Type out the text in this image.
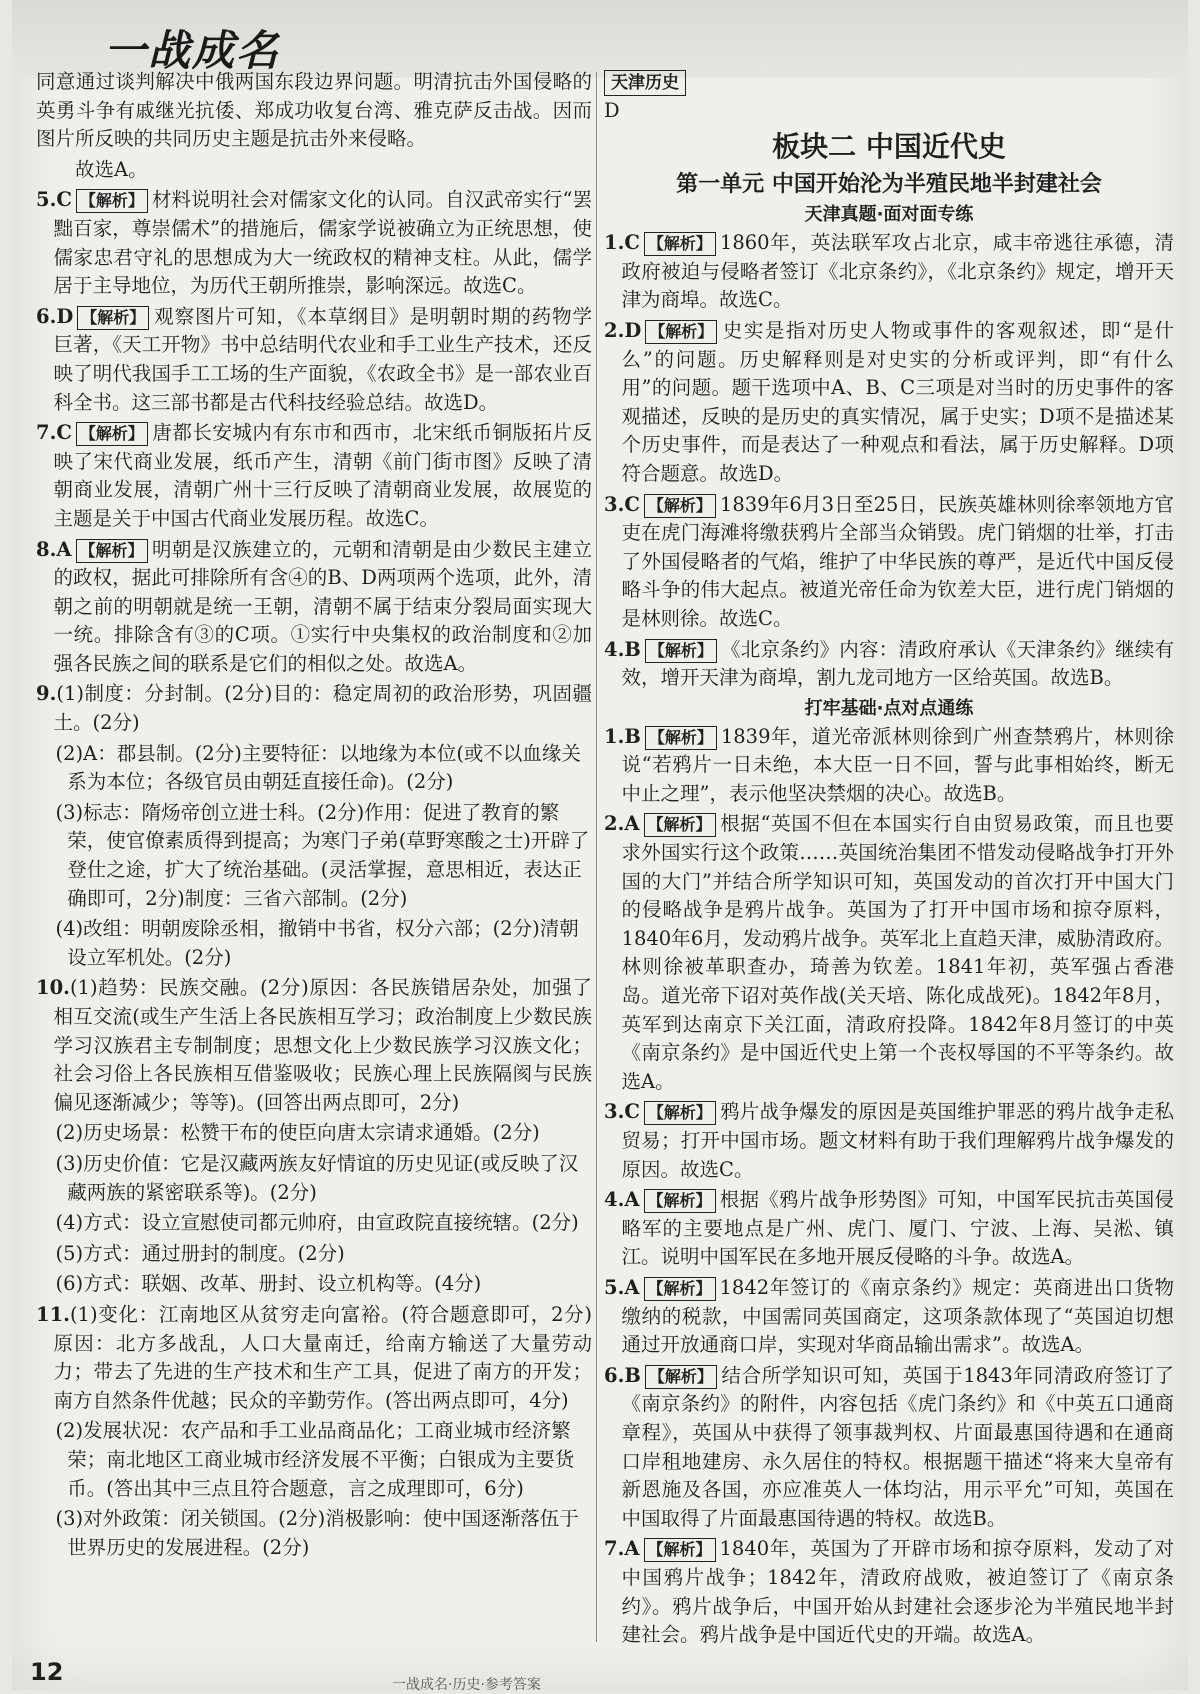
一战成名
同意通过谈判解决中俄两国东段边界问题。明清抗击外国侵略的英勇斗争有戚继光抗倭、郑成功收复台湾、雅克萨反击战。因而图片所反映的共同历史主题是抗击外来侵略。
故选A。
5.C 【解析】 材料说明社会对儒家文化的认同。自汉武帝实行“罢黜百家，尊崇儒术”的措施后，儒家学说被确立为正统思想，使儒家忠君守礼的思想成为大一统政权的精神支柱。从此，儒学居于主导地位，为历代王朝所推崇，影响深远。故选C。
6.D 【解析】 观察图片可知，《本草纲目》是明朝时期的药物学巨著，《天工开物》书中总结明代农业和手工业生产技术，还反映了明代我国手工工场的生产面貌，《农政全书》是一部农业百科全书。这三部书都是古代科技经验总结。故选D。
7.C 【解析】 唐都长安城内有东市和西市，北宋纸币铜版拓片反映了宋代商业发展，纸币产生，清朝《前门街市图》反映了清朝商业发展，清朝广州十三行反映了清朝商业发展，故展览的主题是关于中国古代商业发展历程。故选C。
8.A 【解析】 明朝是汉族建立的，元朝和清朝是由少数民主建立的政权，据此可排除所有含④的B、D两项两个选项，此外，清朝之前的明朝就是统一王朝，清朝不属于结束分裂局面实现大一统。排除含有③的C项。①实行中央集权的政治制度和②加强各民族之间的联系是它们的相似之处。故选A。
9.(1)制度：分封制。(2分)目的：稳定周初的政治形势，巩固疆土。(2分)
(2)A：郡县制。(2分)主要特征：以地缘为本位(或不以血缘关系为本位；各级官员由朝廷直接任命)。(2分)
(3)标志：隋炀帝创立进士科。(2分)作用：促进了教育的繁荣，使官僚素质得到提高；为寒门子弟(草野寒酸之士)开辟了登仕之途，扩大了统治基础。(灵活掌握，意思相近，表达正确即可，2分)制度：三省六部制。(2分)
(4)改组：明朝废除丞相，撤销中书省，权分六部；(2分)清朝设立军机处。(2分)
10.(1)趋势：民族交融。(2分)原因：各民族错居杂处，加强了相互交流(或生产生活上各民族相互学习；政治制度上少数民族学习汉族君主专制制度；思想文化上少数民族学习汉族文化；社会习俗上各民族相互借鉴吸收；民族心理上民族隔阂与民族偏见逐渐减少；等等)。(回答出两点即可，2分)
(2)历史场景：松赞干布的使臣向唐太宗请求通婚。(2分)
(3)历史价值：它是汉藏两族友好情谊的历史见证(或反映了汉藏两族的紧密联系等)。(2分)
(4)方式：设立宣慰使司都元帅府，由宣政院直接统辖。(2分)
(5)方式：通过册封的制度。(2分)
(6)方式：联姻、改革、册封、设立机构等。(4分)
11.(1)变化：江南地区从贫穷走向富裕。(符合题意即可，2分)原因：北方多战乱，人口大量南迁，给南方输送了大量劳动力；带去了先进的生产技术和生产工具，促进了南方的开发；南方自然条件优越；民众的辛勤劳作。(答出两点即可，4分)
(2)发展状况：农产品和手工业品商品化；工商业城市经济繁荣；南北地区工商业城市经济发展不平衡；白银成为主要货币。(答出其中三点且符合题意，言之成理即可，6分)
(3)对外政策：闭关锁国。(2分)消极影响：使中国逐渐落伍于世界历史的发展进程。(2分)
天津历史
D
板块二 中国近代史
第一单元 中国开始沦为半殖民地半封建社会
天津真题·面对面专练
1.C 【解析】 1860年，英法联军攻占北京，咸丰帝逃往承德，清政府被迫与侵略者签订《北京条约》，《北京条约》规定，增开天津为商埠。故选C。
2.D 【解析】 史实是指对历史人物或事件的客观叙述，即“是什么”的问题。历史解释则是对史实的分析或评判，即“有什么用”的问题。题干选项中A、B、C三项是对当时的历史事件的客观描述，反映的是历史的真实情况，属于史实；D项不是描述某个历史事件，而是表达了一种观点和看法，属于历史解释。D项符合题意。故选D。
3.C 【解析】 1839年6月3日至25日，民族英雄林则徐率领地方官吏在虎门海滩将缴获鸦片全部当众销毁。虎门销烟的壮举，打击了外国侵略者的气焰，维护了中华民族的尊严，是近代中国反侵略斗争的伟大起点。被道光帝任命为钦差大臣，进行虎门销烟的是林则徐。故选C。
4.B 【解析】 《北京条约》内容：清政府承认《天津条约》继续有效，增开天津为商埠，割九龙司地方一区给英国。故选B。
打牢基础·点对点通练
1.B 【解析】 1839年，道光帝派林则徐到广州查禁鸦片，林则徐说“若鸦片一日未绝，本大臣一日不回，誓与此事相始终，断无中止之理”，表示他坚决禁烟的决心。故选B。
2.A 【解析】 根据“英国不但在本国实行自由贸易政策，而且也要求外国实行这个政策……英国统治集团不惜发动侵略战争打开外国的大门”并结合所学知识可知，英国发动的首次打开中国大门的侵略战争是鸦片战争。英国为了打开中国市场和掠夺原料，1840年6月，发动鸦片战争。英军北上直趋天津，威胁清政府。林则徐被革职查办，琦善为钦差。1841年初，英军强占香港岛。道光帝下诏对英作战(关天培、陈化成战死)。1842年8月，英军到达南京下关江面，清政府投降。1842年8月签订的中英《南京条约》是中国近代史上第一个丧权辱国的不平等条约。故选A。
3.C 【解析】 鸦片战争爆发的原因是英国维护罪恶的鸦片战争走私贸易；打开中国市场。题文材料有助于我们理解鸦片战争爆发的原因。故选C。
4.A 【解析】 根据《鸦片战争形势图》可知，中国军民抗击英国侵略军的主要地点是广州、虎门、厦门、宁波、上海、吴淞、镇江。说明中国军民在多地开展反侵略的斗争。故选A。
5.A 【解析】 1842年签订的《南京条约》规定：英商进出口货物缴纳的税款，中国需同英国商定，这项条款体现了“英国迫切想通过开放通商口岸，实现对华商品输出需求”。故选A。
6.B 【解析】 结合所学知识可知，英国于1843年同清政府签订了《南京条约》的附件，内容包括《虎门条约》和《中英五口通商章程》，英国从中获得了领事裁判权、片面最惠国待遇和在通商口岸租地建房、永久居住的特权。根据题干描述“将来大皇帝有新恩施及各国，亦应准英人一体均沾，用示平允”可知，英国在中国取得了片面最惠国待遇的特权。故选B。
7.A 【解析】 1840年，英国为了开辟市场和掠夺原料，发动了对中国鸦片战争；1842年，清政府战败，被迫签订了《南京条约》。鸦片战争后，中国开始从封建社会逐步沦为半殖民地半封建社会。鸦片战争是中国近代史的开端。故选A。
12	一战成名·历史·参考答案
